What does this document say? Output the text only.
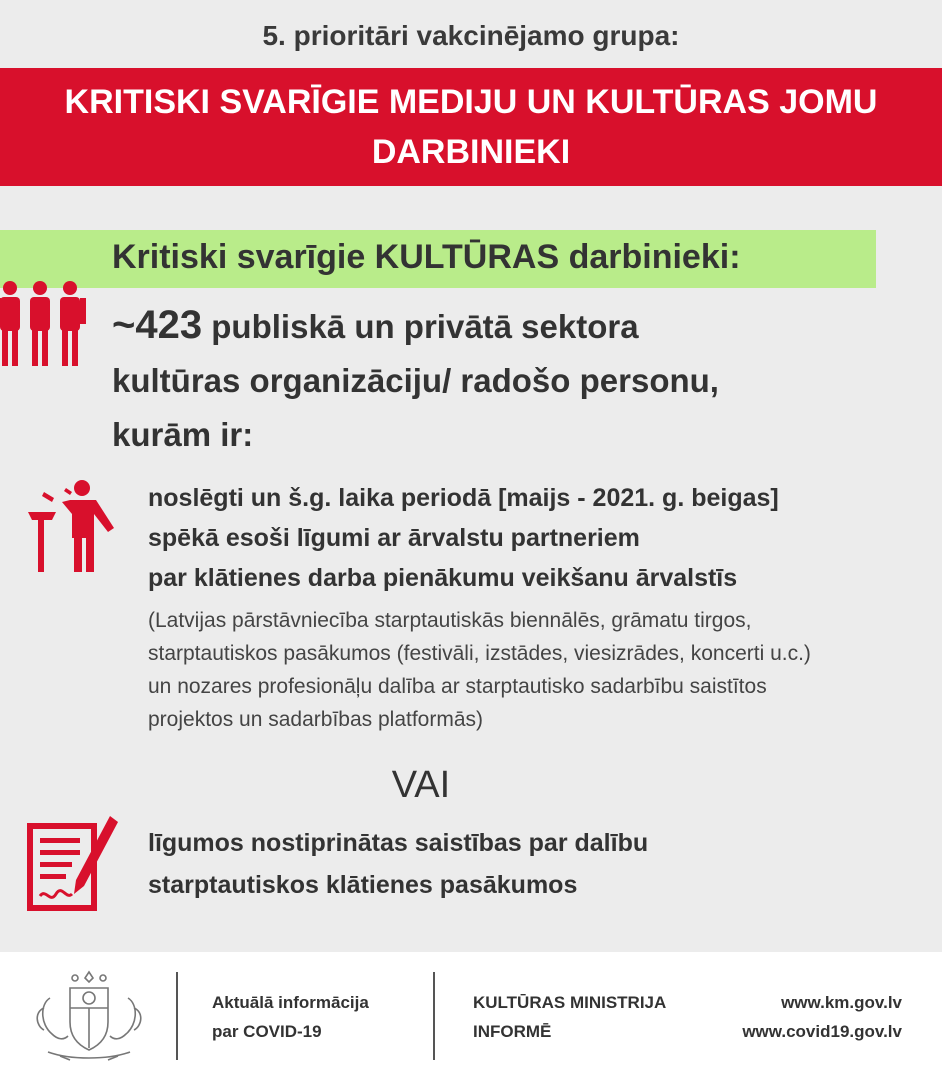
5. prioritāri vakcinējamo grupa:
KRITISKI SVARĪGIE MEDIJU UN KULTŪRAS JOMU
DARBINIEKI
Kritiski svarīgie KULTŪRAS darbinieki:
~423 publiskā un privātā sektora
kultūras organizāciju/ radošo personu,
kurām ir:
noslēgti un š.g. laika periodā [maijs - 2021. g. beigas]
spēkā esoši līgumi ar ārvalstu partneriem
par klātienes darba pienākumu veikšanu ārvalstīs
(Latvijas pārstāvniecība starptautiskās biennālēs, grāmatu tirgos,
starptautiskos pasākumos (festivāli, izstādes, viesizrādes, koncerti u.c.)
un nozares profesionāļu dalība ar starptautisko sadarbību saistītos
projektos un sadarbības platformās)
VAI
līgumos nostiprinātas saistības par dalību
starptautiskos klātienes pasākumos
Aktuālā informācija
par COVID-19
KULTŪRAS MINISTRIJA
INFORMĒ
www.km.gov.lv
www.covid19.gov.lv
